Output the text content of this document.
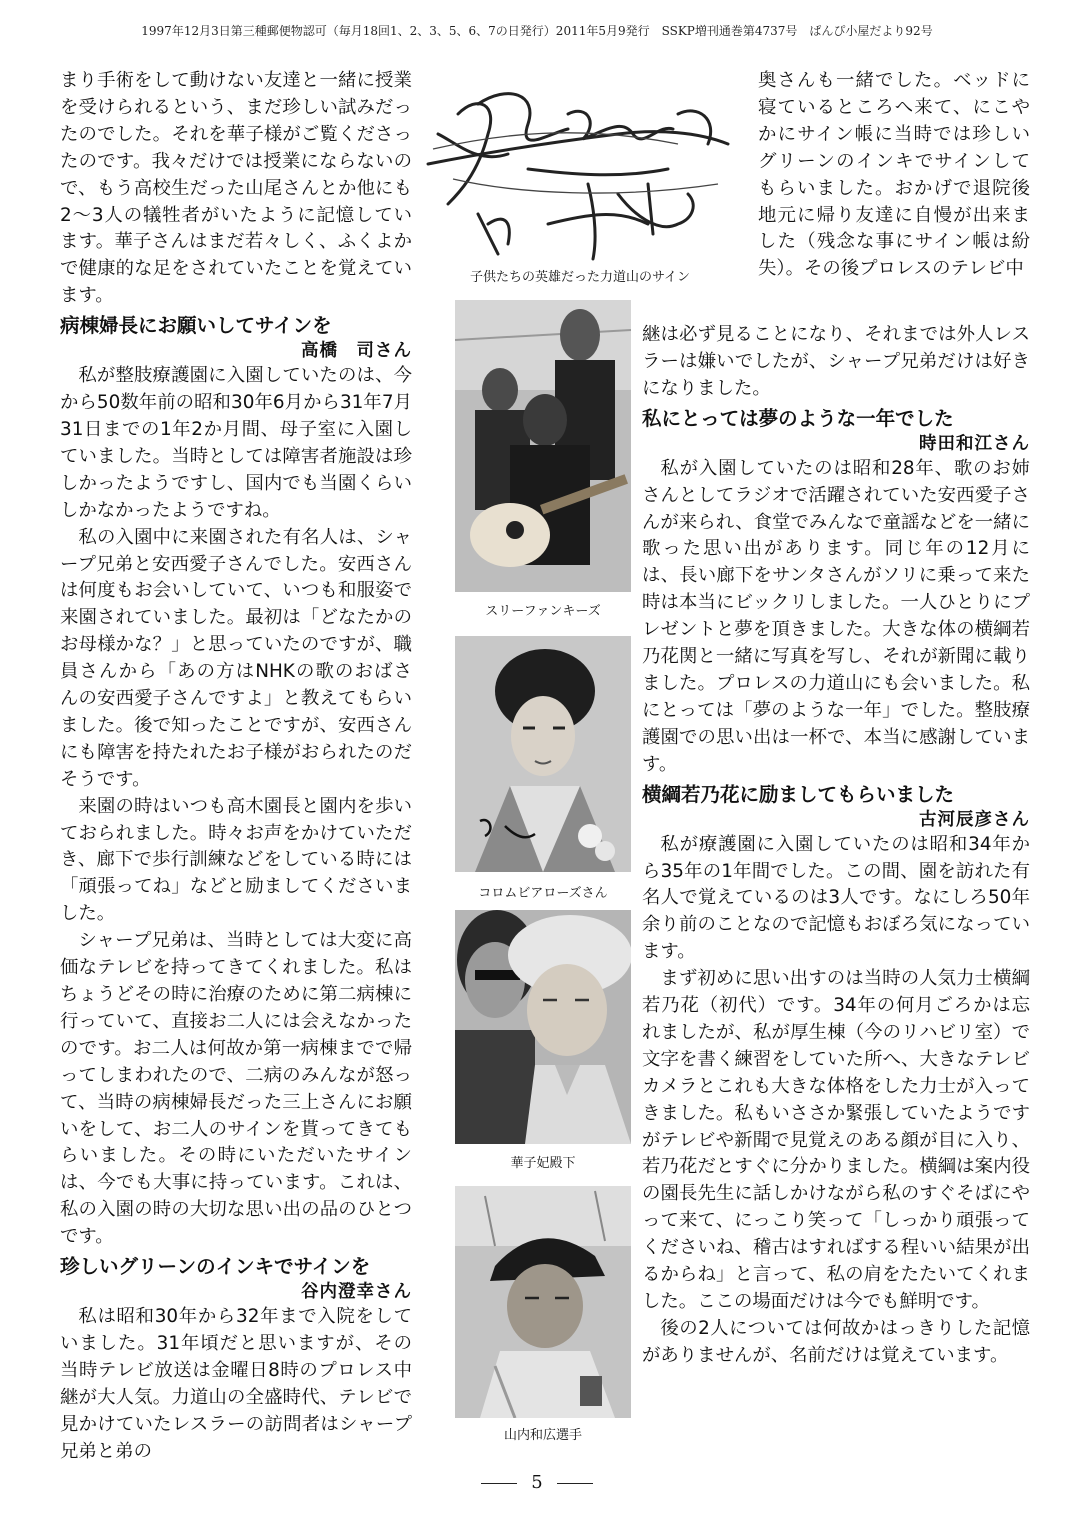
1997年12月3日第三種郵便物認可（毎月18回1、2、3、5、6、7の日発行）2011年5月9発行　SSKP増刊通巻第4737号　ぱんぴ小屋だより92号

まり手術をして動けない友達と一緒に授業を受けられるという、まだ珍しい試みだったのでした。それを華子様がご覧くださったのです。我々だけでは授業にならないので、もう高校生だった山尾さんとか他にも2〜3人の犠牲者がいたように記憶しています。華子さんはまだ若々しく、ふくよかで健康的な足をされていたことを覚えています。

病棟婦長にお願いしてサインを

高橋　司さん

私が整肢療護園に入園していたのは、今から50数年前の昭和30年6月から31年7月31日までの1年2か月間、母子室に入園していました。当時としては障害者施設は珍しかったようですし、国内でも当園くらいしかなかったようですね。

私の入園中に来園された有名人は、シャープ兄弟と安西愛子さんでした。安西さんは何度もお会いしていて、いつも和服姿で来園されていました。最初は「どなたかのお母様かな？」と思っていたのですが、職員さんから「あの方はNHKの歌のおばさんの安西愛子さんですよ」と教えてもらいました。後で知ったことですが、安西さんにも障害を持たれたお子様がおられたのだそうです。

来園の時はいつも高木園長と園内を歩いておられました。時々お声をかけていただき、廊下で歩行訓練などをしている時には「頑張ってね」などと励ましてくださいました。

シャープ兄弟は、当時としては大変に高価なテレビを持ってきてくれました。私はちょうどその時に治療のために第二病棟に行っていて、直接お二人には会えなかったのです。お二人は何故か第一病棟までで帰ってしまわれたので、二病のみんなが怒って、当時の病棟婦長だった三上さんにお願いをして、お二人のサインを貰ってきてもらいました。その時にいただいたサインは、今でも大事に持っています。これは、私の入園の時の大切な思い出の品のひとつです。

珍しいグリーンのインキでサインを

谷内澄幸さん

私は昭和30年から32年まで入院をしていました。31年頃だと思いますが、その当時テレビ放送は金曜日8時のプロレス中継が大人気。力道山の全盛時代、テレビで見かけていたレスラーの訪問者はシャープ兄弟と弟の

子供たちの英雄だった力道山のサイン

奥さんも一緒でした。ベッドに寝ているところへ来て、にこやかにサイン帳に当時では珍しいグリーンのインキでサインしてもらいました。おかげで退院後地元に帰り友達に自慢が出来ました（残念な事にサイン帳は紛失）。その後プロレスのテレビ中

スリーファンキーズ
コロムビアローズさん
華子妃殿下
山内和広選手

継は必ず見ることになり、それまでは外人レスラーは嫌いでしたが、シャープ兄弟だけは好きになりました。

私にとっては夢のような一年でした

時田和江さん

私が入園していたのは昭和28年、歌のお姉さんとしてラジオで活躍されていた安西愛子さんが来られ、食堂でみんなで童謡などを一緒に歌った思い出があります。同じ年の12月には、長い廊下をサンタさんがソリに乗って来た時は本当にビックリしました。一人ひとりにプレゼントと夢を頂きました。大きな体の横綱若乃花関と一緒に写真を写し、それが新聞に載りました。プロレスの力道山にも会いました。私にとっては「夢のような一年」でした。整肢療護園での思い出は一杯で、本当に感謝しています。

横綱若乃花に励ましてもらいました

古河辰彦さん

私が療護園に入園していたのは昭和34年から35年の1年間でした。この間、園を訪れた有名人で覚えているのは3人です。なにしろ50年余り前のことなので記憶もおぼろ気になっています。

まず初めに思い出すのは当時の人気力士横綱若乃花（初代）です。34年の何月ごろかは忘れましたが、私が厚生棟（今のリハビリ室）で文字を書く練習をしていた所へ、大きなテレビカメラとこれも大きな体格をした力士が入ってきました。私もいささか緊張していたようですがテレビや新聞で見覚えのある顔が目に入り、若乃花だとすぐに分かりました。横綱は案内役の園長先生に話しかけながら私のすぐそばにやって来て、にっこり笑って「しっかり頑張ってくださいね、稽古はすればする程いい結果が出るからね」と言って、私の肩をたたいてくれました。ここの場面だけは今でも鮮明です。

後の2人については何故かはっきりした記憶がありませんが、名前だけは覚えています。

5
